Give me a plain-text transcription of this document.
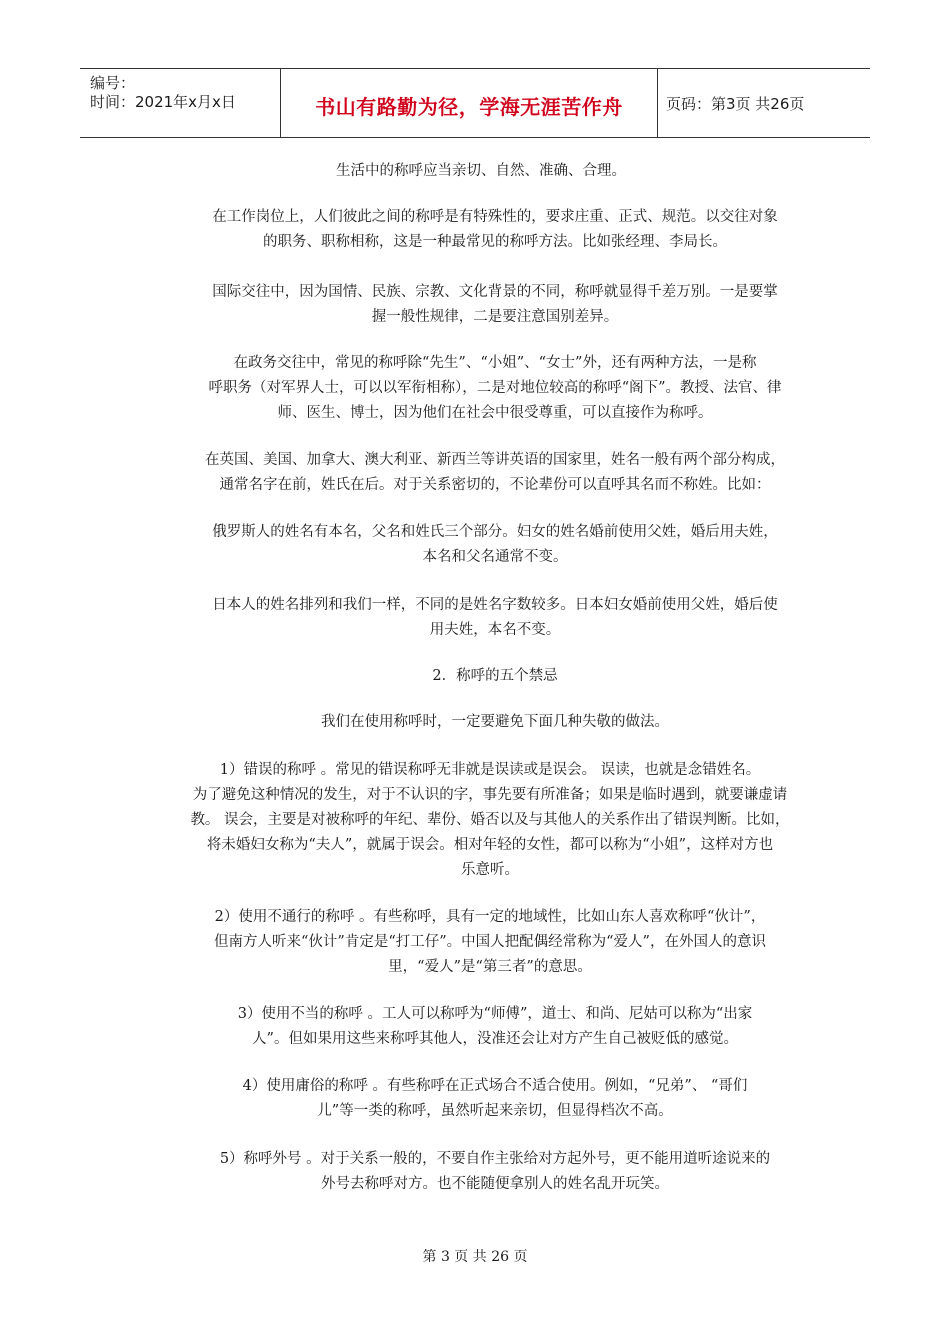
编号：
时间：2021年x月x日	书山有路勤为径，学海无涯苦作舟	页码：第3页 共26页
生活中的称呼应当亲切、自然、准确、合理。
在工作岗位上，人们彼此之间的称呼是有特殊性的，要求庄重、正式、规范。以交往对象
的职务、职称相称，这是一种最常见的称呼方法。比如张经理、李局长。
国际交往中，因为国情、民族、宗教、文化背景的不同，称呼就显得千差万别。一是要掌
握一般性规律，二是要注意国别差异。
在政务交往中，常见的称呼除“先生”、“小姐”、“女士”外，还有两种方法，一是称
呼职务（对军界人士，可以以军衔相称），二是对地位较高的称呼“阁下”。教授、法官、律
师、医生、博士，因为他们在社会中很受尊重，可以直接作为称呼。
在英国、美国、加拿大、澳大利亚、新西兰等讲英语的国家里，姓名一般有两个部分构成，
通常名字在前，姓氏在后。对于关系密切的，不论辈份可以直呼其名而不称姓。比如：
俄罗斯人的姓名有本名，父名和姓氏三个部分。妇女的姓名婚前使用父姓，婚后用夫姓，
本名和父名通常不变。
日本人的姓名排列和我们一样，不同的是姓名字数较多。日本妇女婚前使用父姓，婚后使
用夫姓，本名不变。
2．称呼的五个禁忌
我们在使用称呼时，一定要避免下面几种失敬的做法。
1）错误的称呼 。常见的错误称呼无非就是误读或是误会。 误读，也就是念错姓名。
为了避免这种情况的发生，对于不认识的字，事先要有所准备；如果是临时遇到，就要谦虚请
教。 误会，主要是对被称呼的年纪、辈份、婚否以及与其他人的关系作出了错误判断。比如，
将未婚妇女称为“夫人”，就属于误会。相对年轻的女性，都可以称为“小姐”，这样对方也
乐意听。
2）使用不通行的称呼 。有些称呼，具有一定的地域性，比如山东人喜欢称呼“伙计”，
但南方人听来“伙计”肯定是“打工仔”。中国人把配偶经常称为“爱人”，在外国人的意识
里，“爱人”是“第三者”的意思。
3）使用不当的称呼 。工人可以称呼为“师傅”，道士、和尚、尼姑可以称为“出家
人”。但如果用这些来称呼其他人，没准还会让对方产生自己被贬低的感觉。
4）使用庸俗的称呼 。有些称呼在正式场合不适合使用。例如，“兄弟”、 “哥们
儿”等一类的称呼，虽然听起来亲切，但显得档次不高。
5）称呼外号 。对于关系一般的，不要自作主张给对方起外号，更不能用道听途说来的
外号去称呼对方。也不能随便拿别人的姓名乱开玩笑。
第 3 页 共 26 页
